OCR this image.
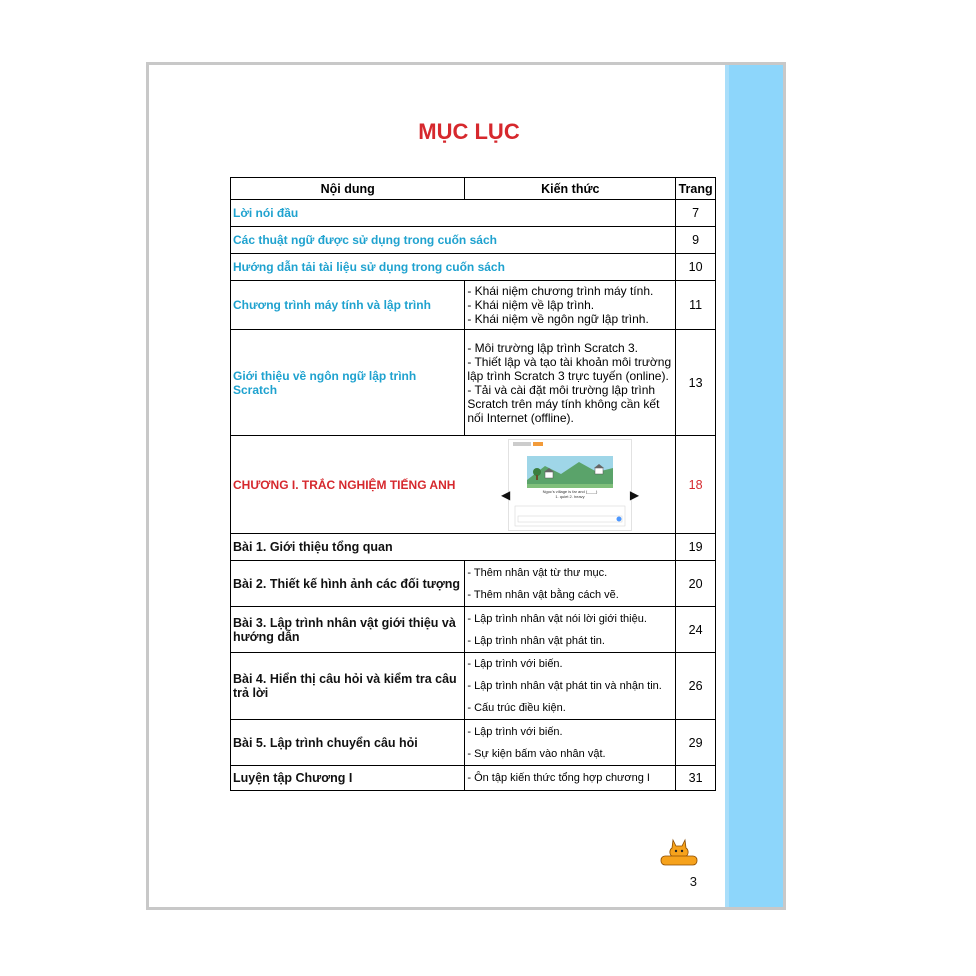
MỤC LỤC
Nội dung	Kiến thức	Trang
Lời nói đầu		7
Các thuật ngữ được sử dụng trong cuốn sách		9
Hướng dẫn tải tài liệu sử dụng trong cuốn sách		10
Chương trình máy tính và lập trình	- Khái niệm chương trình máy tính.
- Khái niệm về lập trình.
- Khái niệm về ngôn ngữ lập trình.	11
Giới thiệu về ngôn ngữ lập trình Scratch	- Môi trường lập trình Scratch 3.
- Thiết lập và tạo tài khoản môi trường lập trình Scratch 3 trực tuyến (online).
- Tải và cài đặt môi trường lập trình Scratch trên máy tính không cần kết nối Internet (offline).	13
CHƯƠNG I. TRẮC NGHIỆM TIẾNG ANH	Ngọc's village is far and (____)
1. quiet 2. heavy
◀ ▶	18
Bài 1. Giới thiệu tổng quan		19
Bài 2. Thiết kế hình ảnh các đối tượng	- Thêm nhân vật từ thư mục.
- Thêm nhân vật bằng cách vẽ.	20
Bài 3. Lập trình nhân vật giới thiệu và hướng dẫn	- Lập trình nhân vật nói lời giới thiệu.
- Lập trình nhân vật phát tin.	24
Bài 4. Hiển thị câu hỏi và kiểm tra câu trả lời	- Lập trình với biến.
- Lập trình nhân vật phát tin và nhận tin.
- Cấu trúc điều kiện.	26
Bài 5. Lập trình chuyển câu hỏi	- Lập trình với biến.
- Sự kiện bấm vào nhân vật.	29
Luyện tập Chương I	- Ôn tập kiến thức tổng hợp chương I	31
3
